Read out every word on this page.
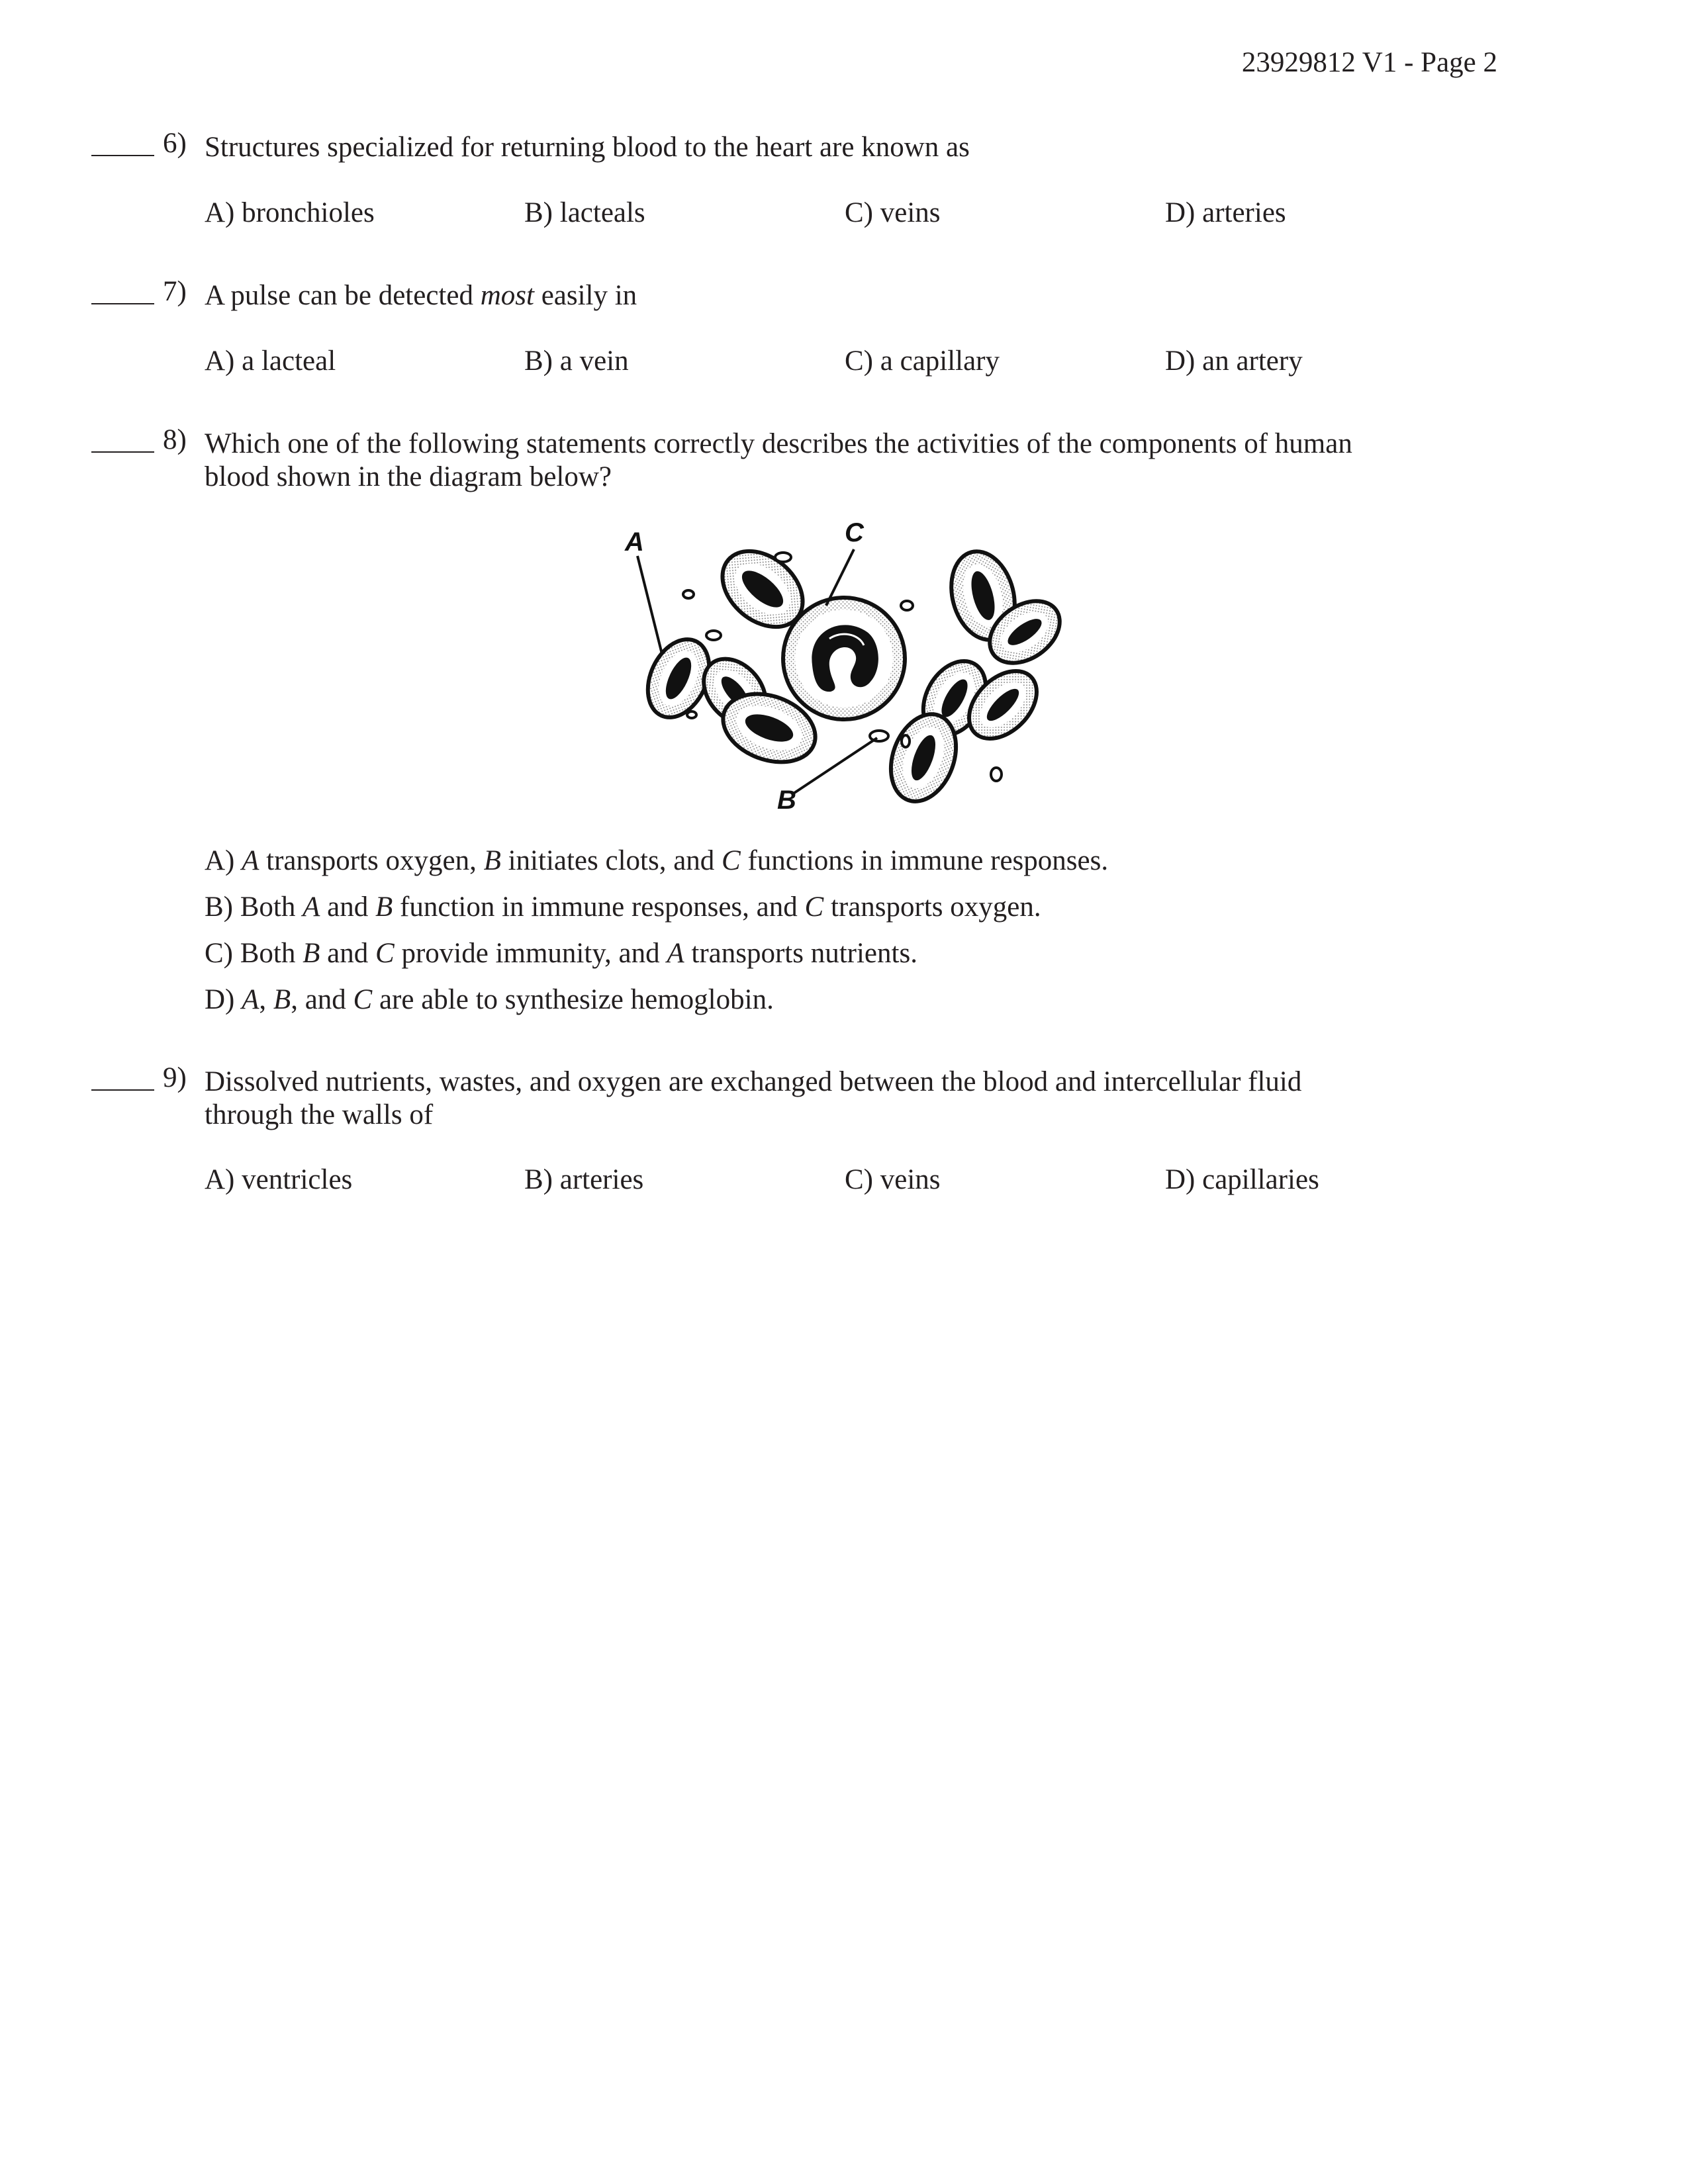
23929812 V1 - Page 2
6) Structures specialized for returning blood to the heart are known as
A) bronchioles	B) lacteals	C) veins	D) arteries
7) A pulse can be detected most easily in
A) a lacteal	B) a vein	C) a capillary	D) an artery
8) Which one of the following statements correctly describes the activities of the components of human
blood shown in the diagram below?
A	C
B
A) A transports oxygen, B initiates clots, and C functions in immune responses.
B) Both A and B function in immune responses, and C transports oxygen.
C) Both B and C provide immunity, and A transports nutrients.
D) A, B, and C are able to synthesize hemoglobin.
9) Dissolved nutrients, wastes, and oxygen are exchanged between the blood and intercellular fluid
through the walls of
A) ventricles	B) arteries	C) veins	D) capillaries
